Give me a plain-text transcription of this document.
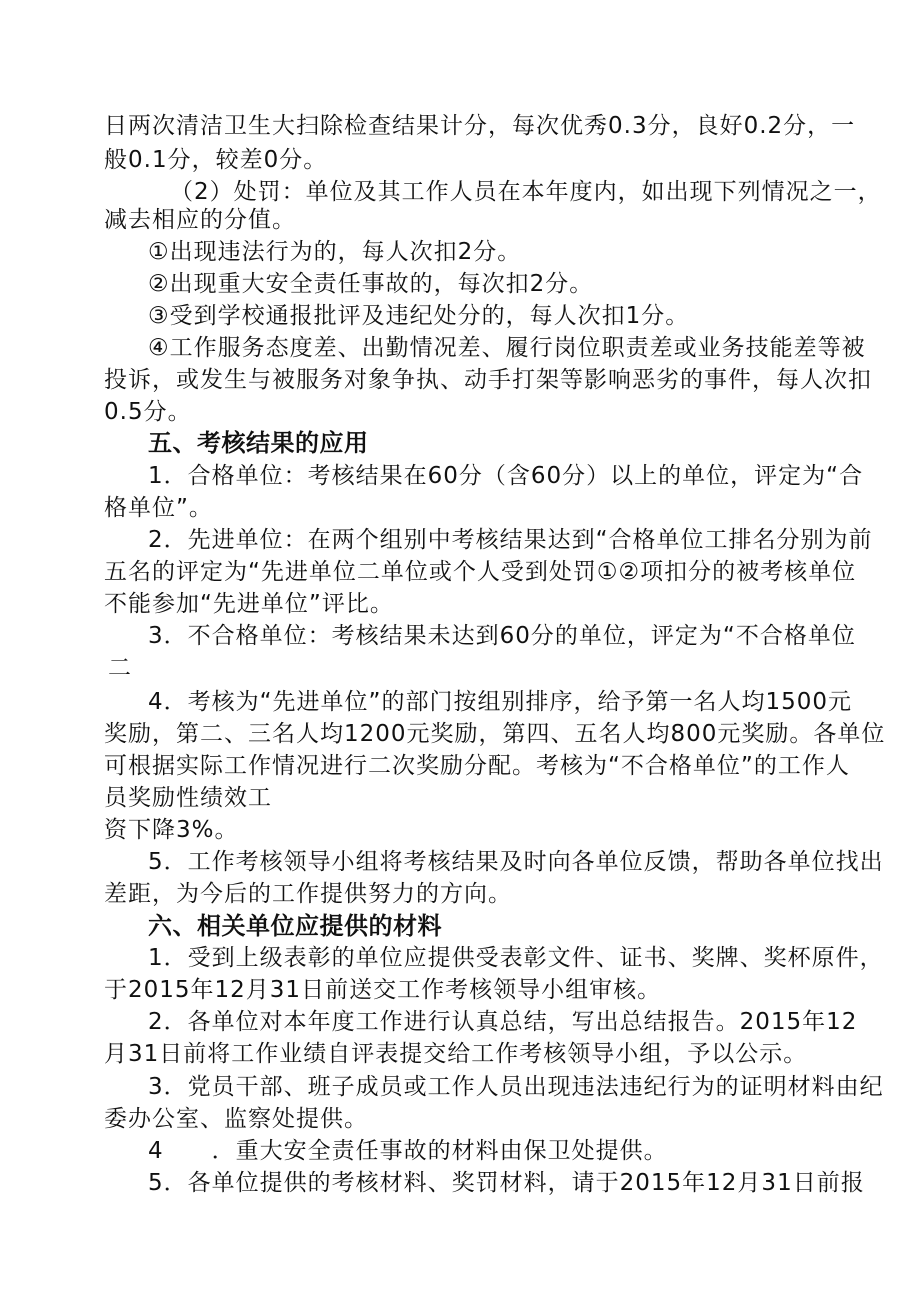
日两次清洁卫生大扫除检查结果计分，每次优秀0.3分，良好0.2分，一
般0.1分，较差0分。
（2）处罚：单位及其工作人员在本年度内，如出现下列情况之一，
减去相应的分值。
①出现违法行为的，每人次扣2分。
②出现重大安全责任事故的，每次扣2分。
③受到学校通报批评及违纪处分的，每人次扣1分。
④工作服务态度差、出勤情况差、履行岗位职责差或业务技能差等被
投诉，或发生与被服务对象争执、动手打架等影响恶劣的事件，每人次扣
0.5分。
五、考核结果的应用
1．合格单位：考核结果在60分（含60分）以上的单位，评定为“合
格单位”。
2．先进单位：在两个组别中考核结果达到“合格单位工排名分别为前
五名的评定为“先进单位二单位或个人受到处罚①②项扣分的被考核单位
不能参加“先进单位”评比。
3．不合格单位：考核结果未达到60分的单位，评定为“不合格单位
二
4．考核为“先进单位”的部门按组别排序，给予第一名人均1500元
奖励，第二、三名人均1200元奖励，第四、五名人均800元奖励。各单位
可根据实际工作情况进行二次奖励分配。考核为“不合格单位”的工作人
员奖励性绩效工
资下降3%。
5．工作考核领导小组将考核结果及时向各单位反馈，帮助各单位找出
差距，为今后的工作提供努力的方向。
六、相关单位应提供的材料
1．受到上级表彰的单位应提供受表彰文件、证书、奖牌、奖杯原件，
于2015年12月31日前送交工作考核领导小组审核。
2．各单位对本年度工作进行认真总结，写出总结报告。2015年12
月31日前将工作业绩自评表提交给工作考核领导小组，予以公示。
3．党员干部、班子成员或工作人员出现违法违纪行为的证明材料由纪
委办公室、监察处提供。
4　　．重大安全责任事故的材料由保卫处提供。
5．各单位提供的考核材料、奖罚材料，请于2015年12月31日前报
